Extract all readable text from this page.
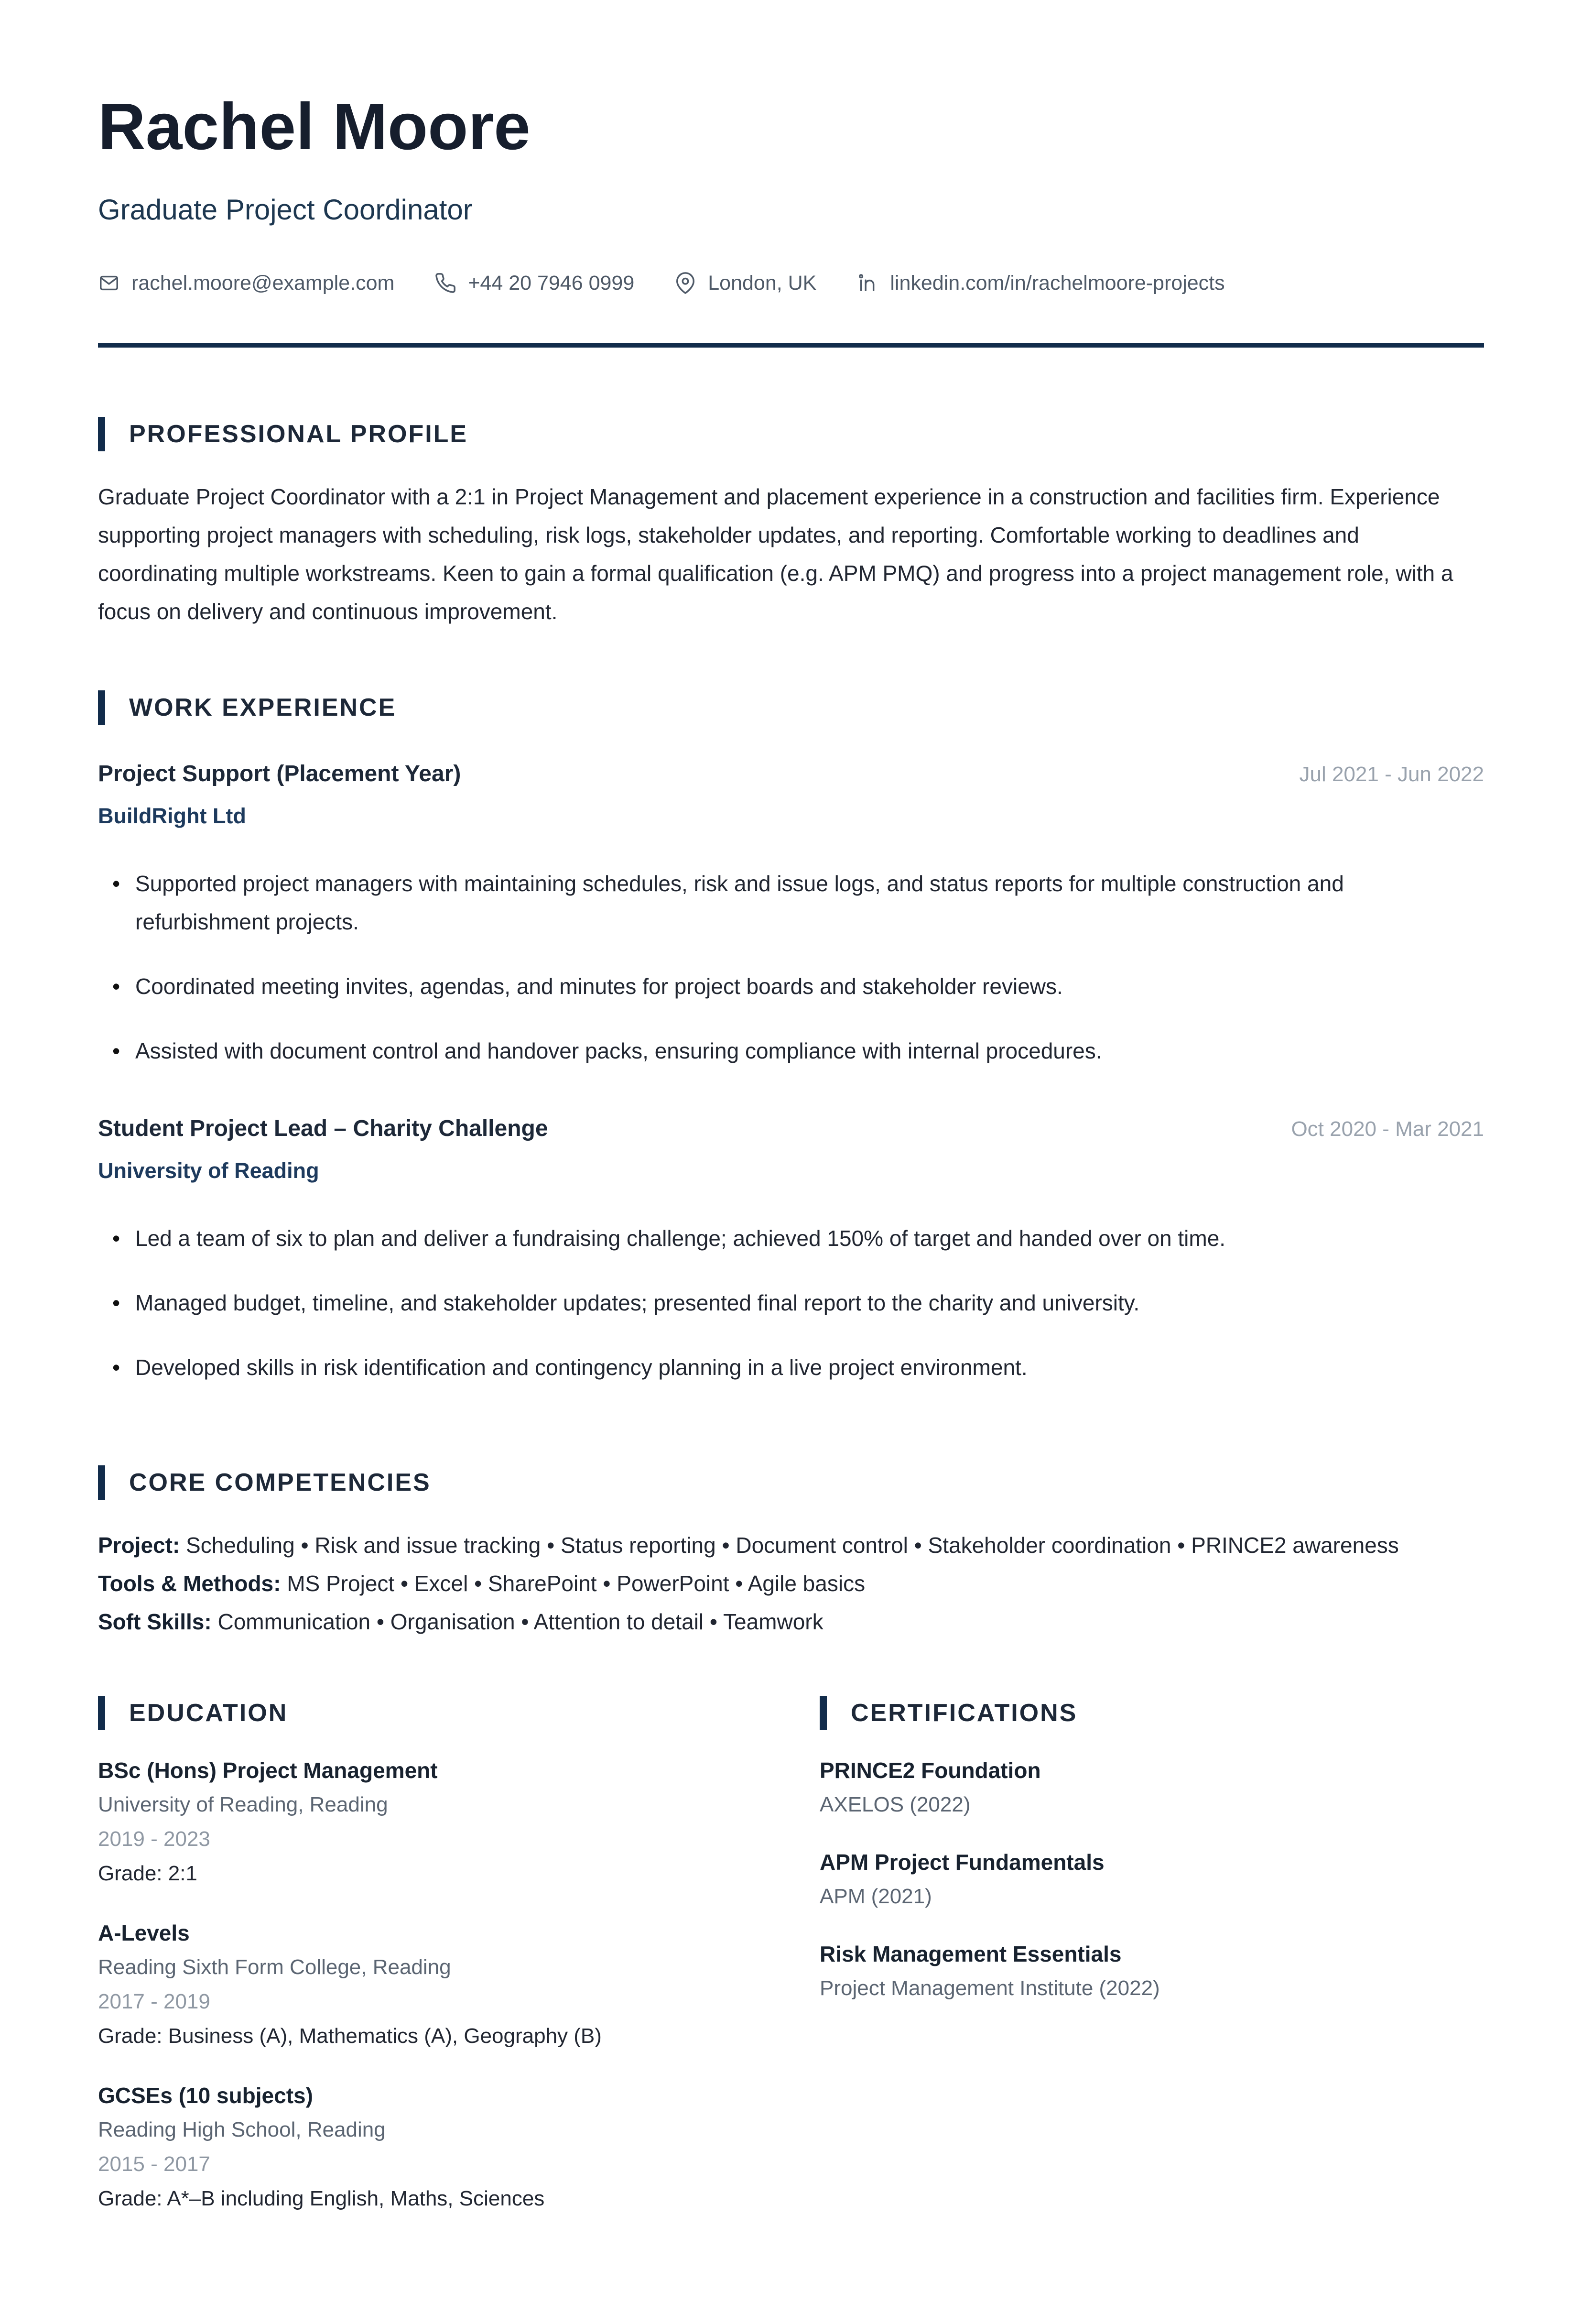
Rachel Moore
Graduate Project Coordinator
rachel.moore@example.com	+44 20 7946 0999	London, UK	linkedin.com/in/rachelmoore-projects
PROFESSIONAL PROFILE

Graduate Project Coordinator with a 2:1 in Project Management and placement experience in a construction and facilities firm. Experience supporting project managers with scheduling, risk logs, stakeholder updates, and reporting. Comfortable working to deadlines and coordinating multiple workstreams. Keen to gain a formal qualification (e.g. APM PMQ) and progress into a project management role, with a focus on delivery and continuous improvement.

WORK EXPERIENCE
Project Support (Placement Year)	Jul 2021 - Jun 2022
BuildRight Ltd
• Supported project managers with maintaining schedules, risk and issue logs, and status reports for multiple construction and refurbishment projects.
• Coordinated meeting invites, agendas, and minutes for project boards and stakeholder reviews.
• Assisted with document control and handover packs, ensuring compliance with internal procedures.
Student Project Lead – Charity Challenge	Oct 2020 - Mar 2021
University of Reading
• Led a team of six to plan and deliver a fundraising challenge; achieved 150% of target and handed over on time.
• Managed budget, timeline, and stakeholder updates; presented final report to the charity and university.
• Developed skills in risk identification and contingency planning in a live project environment.
CORE COMPETENCIES

Project: Scheduling • Risk and issue tracking • Status reporting • Document control • Stakeholder coordination • PRINCE2 awareness

Tools & Methods: MS Project • Excel • SharePoint • PowerPoint • Agile basics

Soft Skills: Communication • Organisation • Attention to detail • Teamwork

EDUCATION
BSc (Hons) Project Management
University of Reading, Reading
2019 - 2023
Grade: 2:1
A-Levels
Reading Sixth Form College, Reading
2017 - 2019
Grade: Business (A), Mathematics (A), Geography (B)
GCSEs (10 subjects)
Reading High School, Reading
2015 - 2017
Grade: A*–B including English, Maths, Sciences
CERTIFICATIONS
PRINCE2 Foundation
AXELOS (2022)
APM Project Fundamentals
APM (2021)
Risk Management Essentials
Project Management Institute (2022)
